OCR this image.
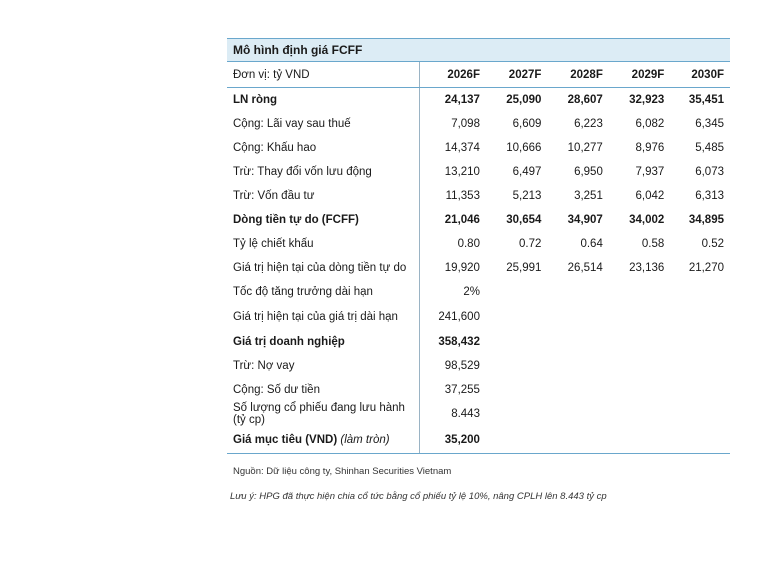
Mô hình định giá FCFF
Đơn vị: tỷ VND	2026F	2027F	2028F	2029F	2030F
LN ròng	24,137	25,090	28,607	32,923	35,451
Cộng: Lãi vay sau thuế	7,098	6,609	6,223	6,082	6,345
Cộng: Khấu hao	14,374	10,666	10,277	8,976	5,485
Trừ: Thay đổi vốn lưu động	13,210	6,497	6,950	7,937	6,073
Trừ: Vốn đầu tư	11,353	5,213	3,251	6,042	6,313
Dòng tiền tự do (FCFF)	21,046	30,654	34,907	34,002	34,895
Tỷ lệ chiết khấu	0.80	0.72	0.64	0.58	0.52
Giá trị hiện tại của dòng tiền tự do	19,920	25,991	26,514	23,136	21,270
Tốc độ tăng trưởng dài hạn	2%				
Giá trị hiện tại của giá trị dài hạn	241,600				
Giá trị doanh nghiệp	358,432				
Trừ: Nợ vay	98,529				
Cộng: Số dư tiền	37,255				
Số lượng cổ phiếu đang lưu hành (tỷ cp)	8.443				
Giá mục tiêu (VND) (làm tròn)	35,200				
Nguồn: Dữ liệu công ty, Shinhan Securities Vietnam
Lưu ý: HPG đã thực hiện chia cổ tức bằng cổ phiếu tỷ lệ 10%, nâng CPLH lên 8.443 tỷ cp
